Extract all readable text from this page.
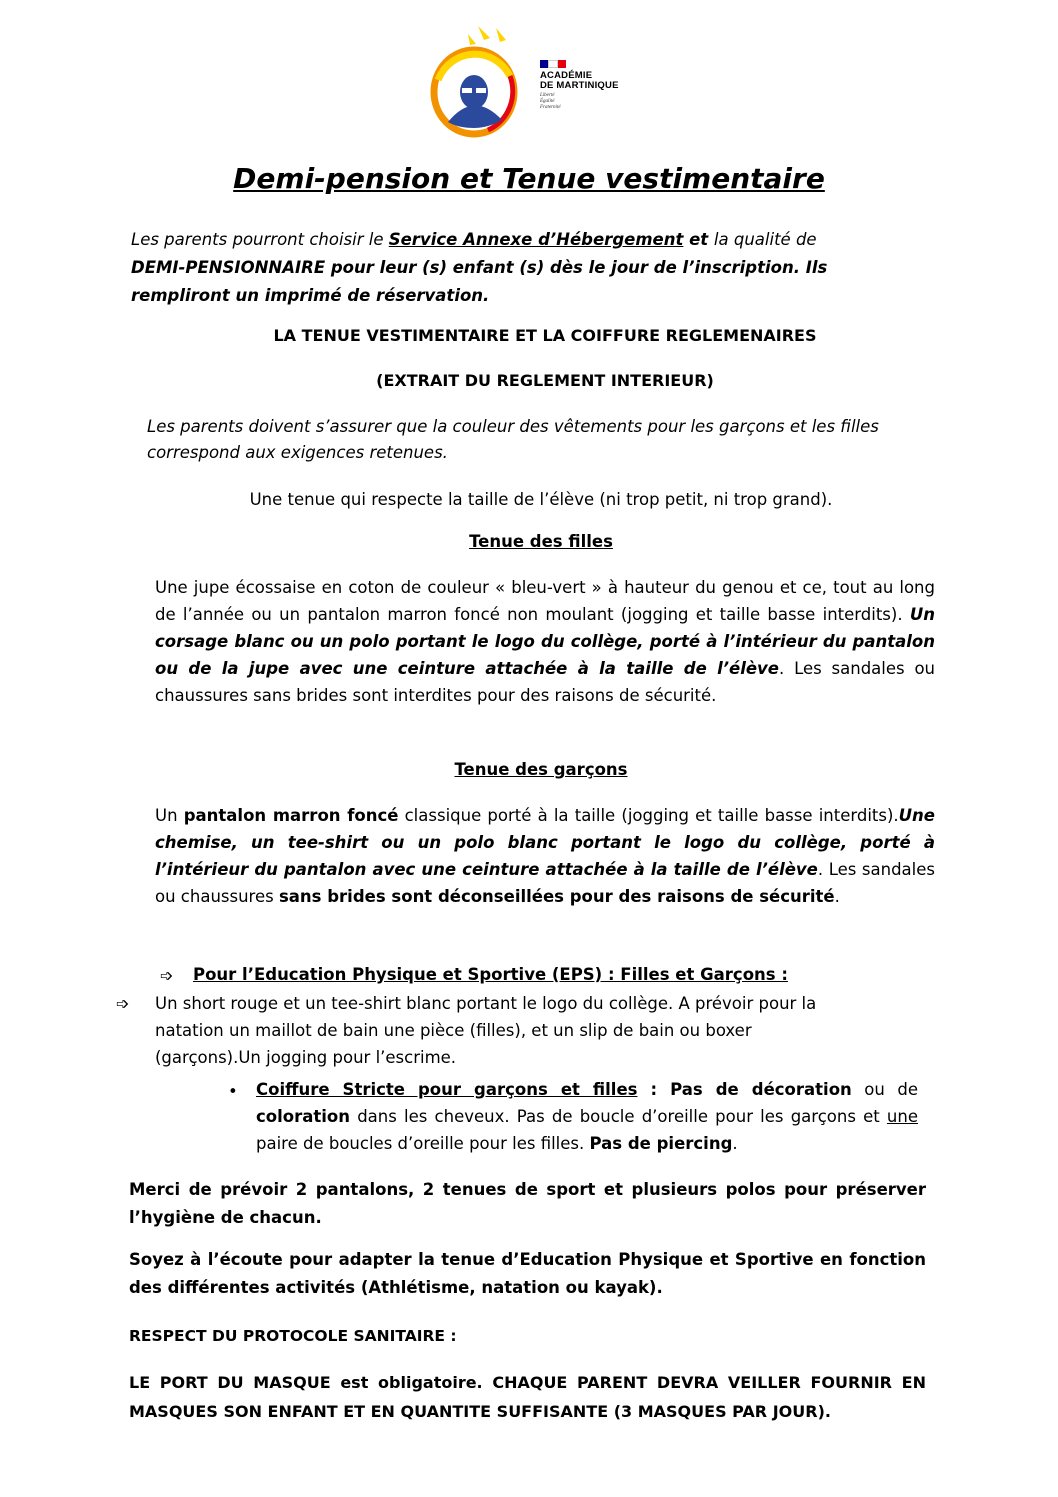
ACADÉMIE
DE MARTINIQUE
Liberté
Égalité
Fraternité
Demi-pension et Tenue vestimentaire
Les parents pourront choisir le Service Annexe d’Hébergement et la qualité de
DEMI-PENSIONNAIRE pour leur (s) enfant (s) dès le jour de l’inscription. Ils rempliront un imprimé de réservation.
LA TENUE VESTIMENTAIRE ET LA COIFFURE REGLEMENAIRES
(EXTRAIT DU REGLEMENT INTERIEUR)
Les parents doivent s’assurer que la couleur des vêtements pour les garçons et les filles correspond aux exigences retenues.
Une tenue qui respecte la taille de l’élève (ni trop petit, ni trop grand).
Tenue des filles
Une jupe écossaise en coton de couleur « bleu-vert » à hauteur du genou et ce, tout au long de l’année ou un pantalon marron foncé non moulant (jogging et taille basse interdits). Un corsage blanc ou un polo portant le logo du collège, porté à l’intérieur du pantalon ou de la jupe avec une ceinture attachée à la taille de l’élève. Les sandales ou chaussures sans brides sont interdites pour des raisons de sécurité.
Tenue des garçons
Un pantalon marron foncé classique porté à la taille (jogging et taille basse interdits).Une chemise, un tee-shirt ou un polo blanc portant le logo du collège, porté à l’intérieur du pantalon avec une ceinture attachée à la taille de l’élève. Les sandales ou chaussures sans brides sont déconseillées pour des raisons de sécurité.
➩ Pour l’Education Physique et Sportive (EPS) : Filles et Garçons :
➩ Un short rouge et un tee-shirt blanc portant le logo du collège. A prévoir pour la
natation un maillot de bain une pièce (filles), et un slip de bain ou boxer
(garçons).Un jogging pour l’escrime.
• Coiffure Stricte pour garçons et filles : Pas de décoration ou de coloration dans les cheveux. Pas de boucle d’oreille pour les garçons et une paire de boucles d’oreille pour les filles. Pas de piercing.
Merci de prévoir 2 pantalons, 2 tenues de sport et plusieurs polos pour préserver l’hygiène de chacun.
Soyez à l’écoute pour adapter la tenue d’Education Physique et Sportive en fonction des différentes activités (Athlétisme, natation ou kayak).
RESPECT DU PROTOCOLE SANITAIRE :
LE PORT DU MASQUE est obligatoire. CHAQUE PARENT DEVRA VEILLER FOURNIR EN MASQUES SON ENFANT ET EN QUANTITE SUFFISANTE (3 MASQUES PAR JOUR).
